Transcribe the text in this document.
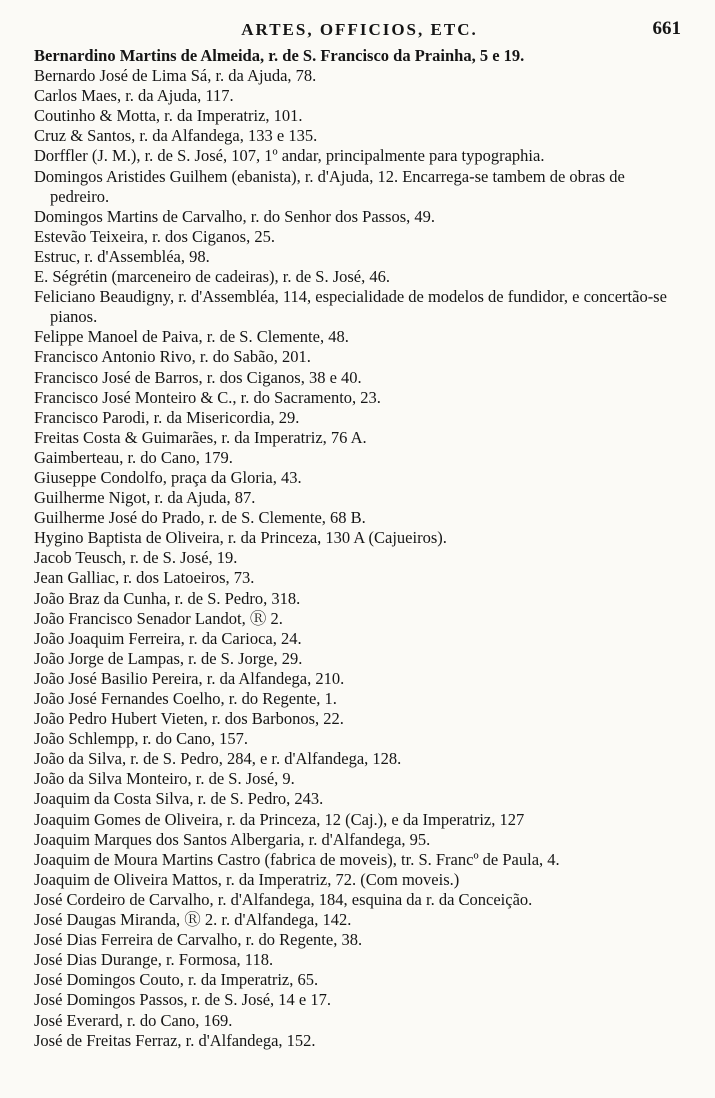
ARTES, OFFICIOS, ETC.	661
Bernardino Martins de Almeida, r. de S. Francisco da Prainha, 5 e 19.
Bernardo José de Lima Sá, r. da Ajuda, 78.
Carlos Maes, r. da Ajuda, 117.
Coutinho & Motta, r. da Imperatriz, 101.
Cruz & Santos, r. da Alfandega, 133 e 135.
Dorffler (J. M.), r. de S. José, 107, 1º andar, principalmente para typographia.
Domingos Aristides Guilhem (ebanista), r. d'Ajuda, 12. Encarrega-se tambem de obras de pedreiro.
Domingos Martins de Carvalho, r. do Senhor dos Passos, 49.
Estevão Teixeira, r. dos Ciganos, 25.
Estruc, r. d'Assembléa, 98.
E. Ségrétin (marceneiro de cadeiras), r. de S. José, 46.
Feliciano Beaudigny, r. d'Assembléa, 114, especialidade de modelos de fundidor, e concertão-se pianos.
Felippe Manoel de Paiva, r. de S. Clemente, 48.
Francisco Antonio Rivo, r. do Sabão, 201.
Francisco José de Barros, r. dos Ciganos, 38 e 40.
Francisco José Monteiro & C., r. do Sacramento, 23.
Francisco Parodi, r. da Misericordia, 29.
Freitas Costa & Guimarães, r. da Imperatriz, 76 A.
Gaimberteau, r. do Cano, 179.
Giuseppe Condolfo, praça da Gloria, 43.
Guilherme Nigot, r. da Ajuda, 87.
Guilherme José do Prado, r. de S. Clemente, 68 B.
Hygino Baptista de Oliveira, r. da Princeza, 130 A (Cajueiros).
Jacob Teusch, r. de S. José, 19.
Jean Galliac, r. dos Latoeiros, 73.
João Braz da Cunha, r. de S. Pedro, 318.
João Francisco Senador Landot, Ⓡ 2.
João Joaquim Ferreira, r. da Carioca, 24.
João Jorge de Lampas, r. de S. Jorge, 29.
João José Basilio Pereira, r. da Alfandega, 210.
João José Fernandes Coelho, r. do Regente, 1.
João Pedro Hubert Vieten, r. dos Barbonos, 22.
João Schlempp, r. do Cano, 157.
João da Silva, r. de S. Pedro, 284, e r. d'Alfandega, 128.
João da Silva Monteiro, r. de S. José, 9.
Joaquim da Costa Silva, r. de S. Pedro, 243.
Joaquim Gomes de Oliveira, r. da Princeza, 12 (Caj.), e da Imperatriz, 127
Joaquim Marques dos Santos Albergaria, r. d'Alfandega, 95.
Joaquim de Moura Martins Castro (fabrica de moveis), tr. S. Francº de Paula, 4.
Joaquim de Oliveira Mattos, r. da Imperatriz, 72. (Com moveis.)
José Cordeiro de Carvalho, r. d'Alfandega, 184, esquina da r. da Conceição.
José Daugas Miranda, Ⓡ 2. r. d'Alfandega, 142.
José Dias Ferreira de Carvalho, r. do Regente, 38.
José Dias Durange, r. Formosa, 118.
José Domingos Couto, r. da Imperatriz, 65.
José Domingos Passos, r. de S. José, 14 e 17.
José Everard, r. do Cano, 169.
José de Freitas Ferraz, r. d'Alfandega, 152.
